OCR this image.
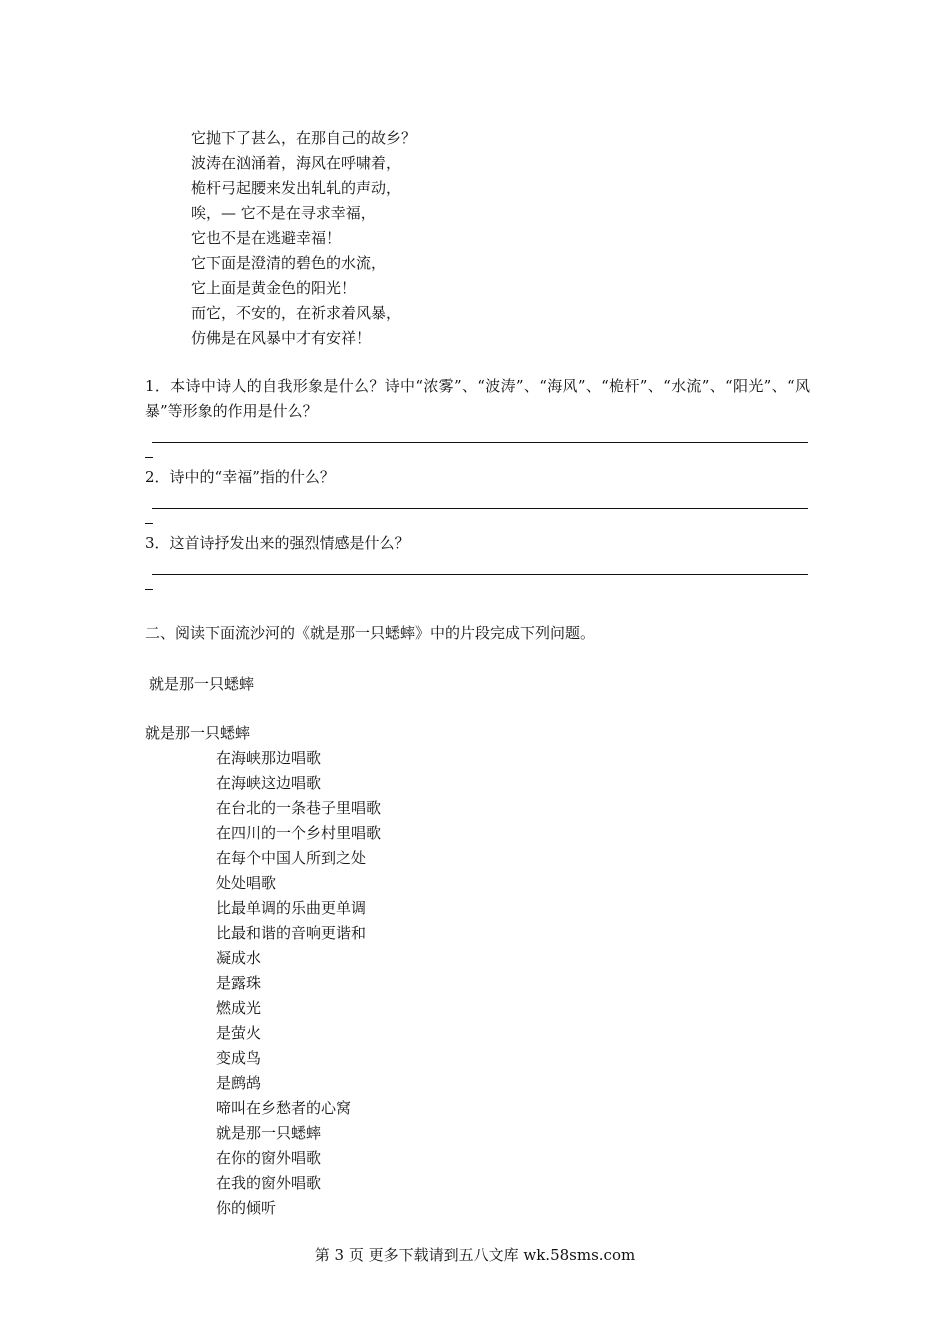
它抛下了甚么，在那自己的故乡？
波涛在汹涌着，海风在呼啸着，
桅杆弓起腰来发出轧轧的声动，
唉，— 它不是在寻求幸福，
它也不是在逃避幸福！
它下面是澄清的碧色的水流，
它上面是黄金色的阳光！
而它，不安的，在祈求着风暴，
仿佛是在风暴中才有安祥！
1．本诗中诗人的自我形象是什么？诗中“浓雾”、“波涛”、“海风”、“桅杆”、“水流”、“阳光”、“风暴”等形象的作用是什么？
2．诗中的“幸福”指的什么？
3．这首诗抒发出来的强烈情感是什么？
二、阅读下面流沙河的《就是那一只蟋蟀》中的片段完成下列问题。
就是那一只蟋蟀
就是那一只蟋蟀
在海峡那边唱歌
在海峡这边唱歌
在台北的一条巷子里唱歌
在四川的一个乡村里唱歌
在每个中国人所到之处
处处唱歌
比最单调的乐曲更单调
比最和谐的音响更谐和
凝成水
是露珠
燃成光
是萤火
变成鸟
是鹧鸪
啼叫在乡愁者的心窝
就是那一只蟋蟀
在你的窗外唱歌
在我的窗外唱歌
你的倾听
第 3 页 更多下载请到五八文库 wk.58sms.com
